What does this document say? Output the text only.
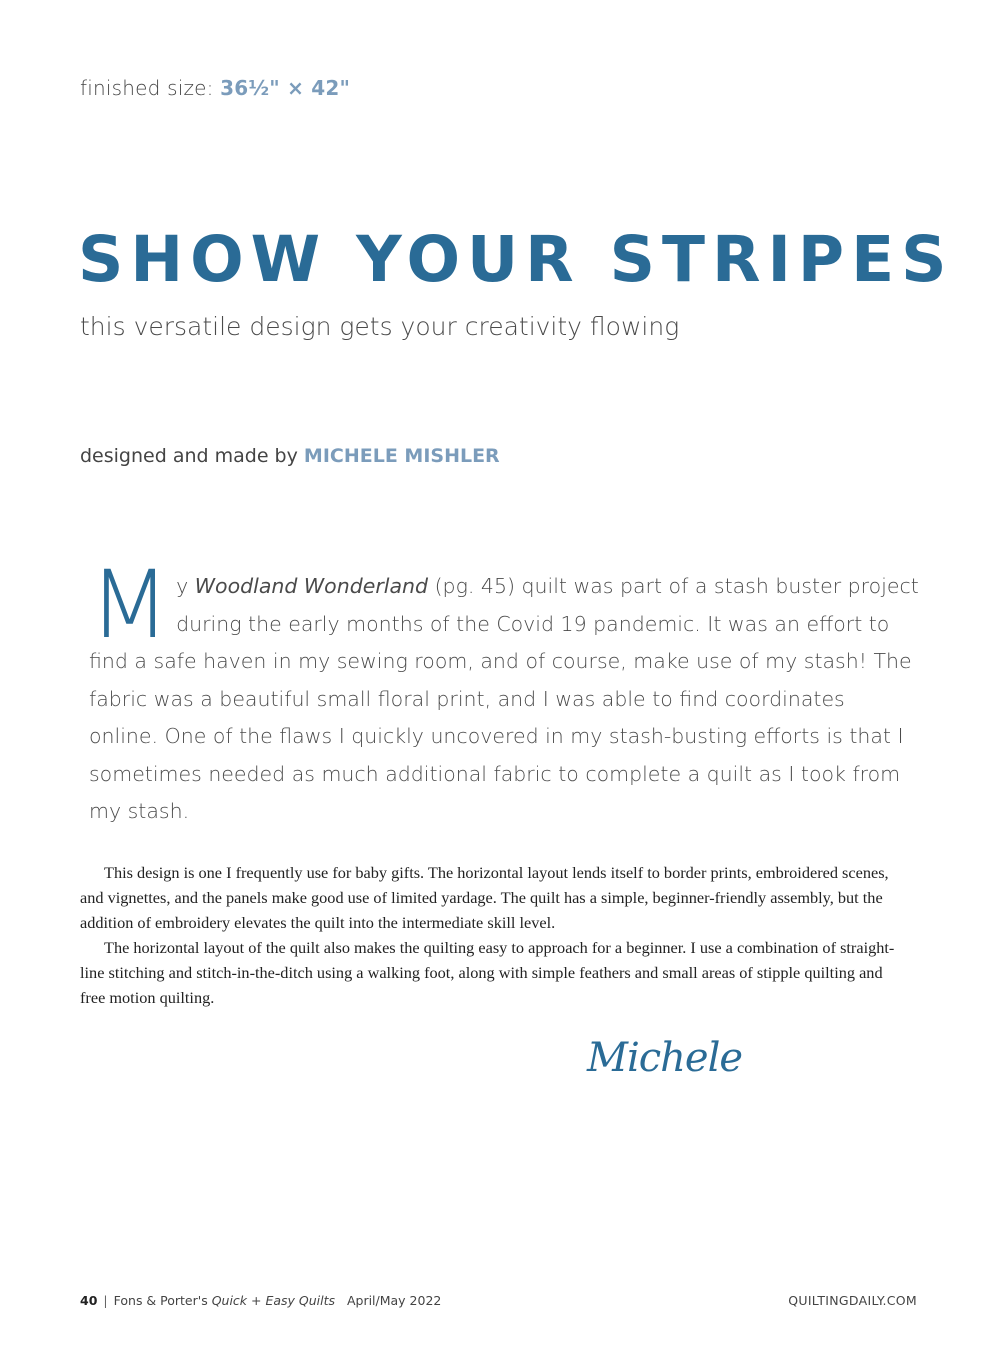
finished size: 36½" × 42"
SHOW YOUR STRIPES
this versatile design gets your creativity flowing
designed and made by MICHELE MISHLER
My Woodland Wonderland (pg. 45) quilt was part of a stash buster project during the early months of the Covid 19 pandemic. It was an effort to find a safe haven in my sewing room, and of course, make use of my stash! The fabric was a beautiful small floral print, and I was able to find coordinates online. One of the flaws I quickly uncovered in my stash-busting efforts is that I sometimes needed as much additional fabric to complete a quilt as I took from my stash.

This design is one I frequently use for baby gifts. The horizontal layout lends itself to border prints, embroidered scenes, and vignettes, and the panels make good use of limited yardage. The quilt has a simple, beginner-friendly assembly, but the addition of embroidery elevates the quilt into the intermediate skill level.

The horizontal layout of the quilt also makes the quilting easy to approach for a beginner. I use a combination of straight-line stitching and stitch-in-the-ditch using a walking foot, along with simple feathers and small areas of stipple quilting and free motion quilting.

Michele
40 | Fons & Porter's Quick + Easy Quilts April/May 2022	QUILTINGDAILY.COM
